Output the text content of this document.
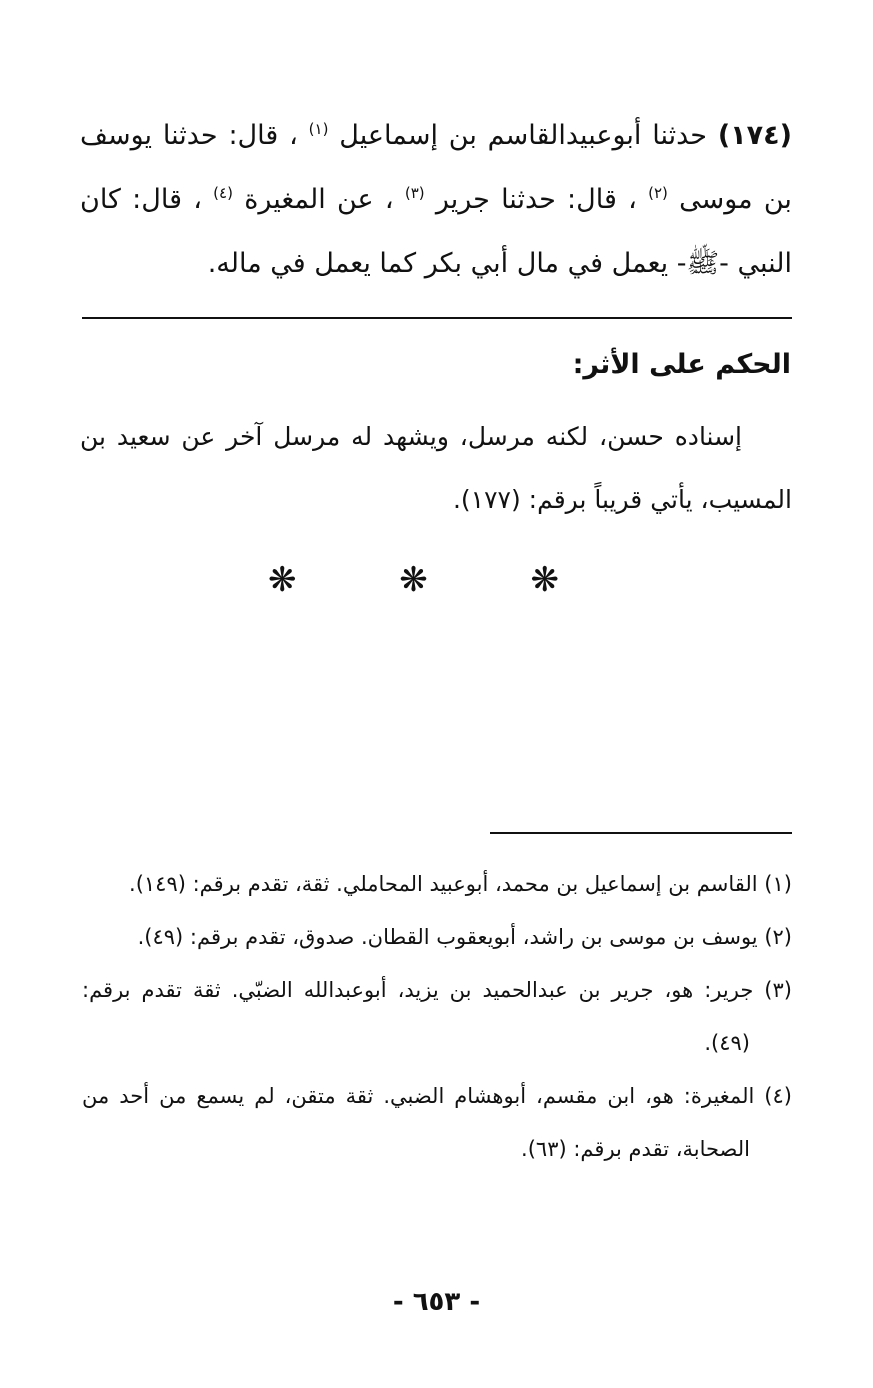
(١٧٤) حدثنا أبوعبيدالقاسم بن إسماعيل $^{(١)}$ ، قال: حدثنا يوسف بن موسى $^{(٢)}$ ، قال: حدثنا جرير $^{(٣)}$ ، عن المغيرة $^{(٤)}$ ، قال: كان النبي -ﷺ- يعمل في مال أبي بكر كما يعمل في ماله.
الحكم على الأثر:
إسناده حسن، لكنه مرسل، ويشهد له مرسل آخر عن سعيد بن المسيب، يأتي قريباً برقم: (١٧٧).
❋ ❋ ❋

(١) القاسم بن إسماعيل بن محمد، أبوعبيد المحاملي. ثقة، تقدم برقم: (١٤٩).

(٢) يوسف بن موسى بن راشد، أبويعقوب القطان. صدوق، تقدم برقم: (٤٩).

(٣) جرير: هو، جرير بن عبدالحميد بن يزيد، أبوعبدالله الضبّي. ثقة تقدم برقم: (٤٩).

(٤) المغيرة: هو، ابن مقسم، أبوهشام الضبي. ثقة متقن، لم يسمع من أحد من الصحابة، تقدم برقم: (٦٣).

- ٦٥٣ -
